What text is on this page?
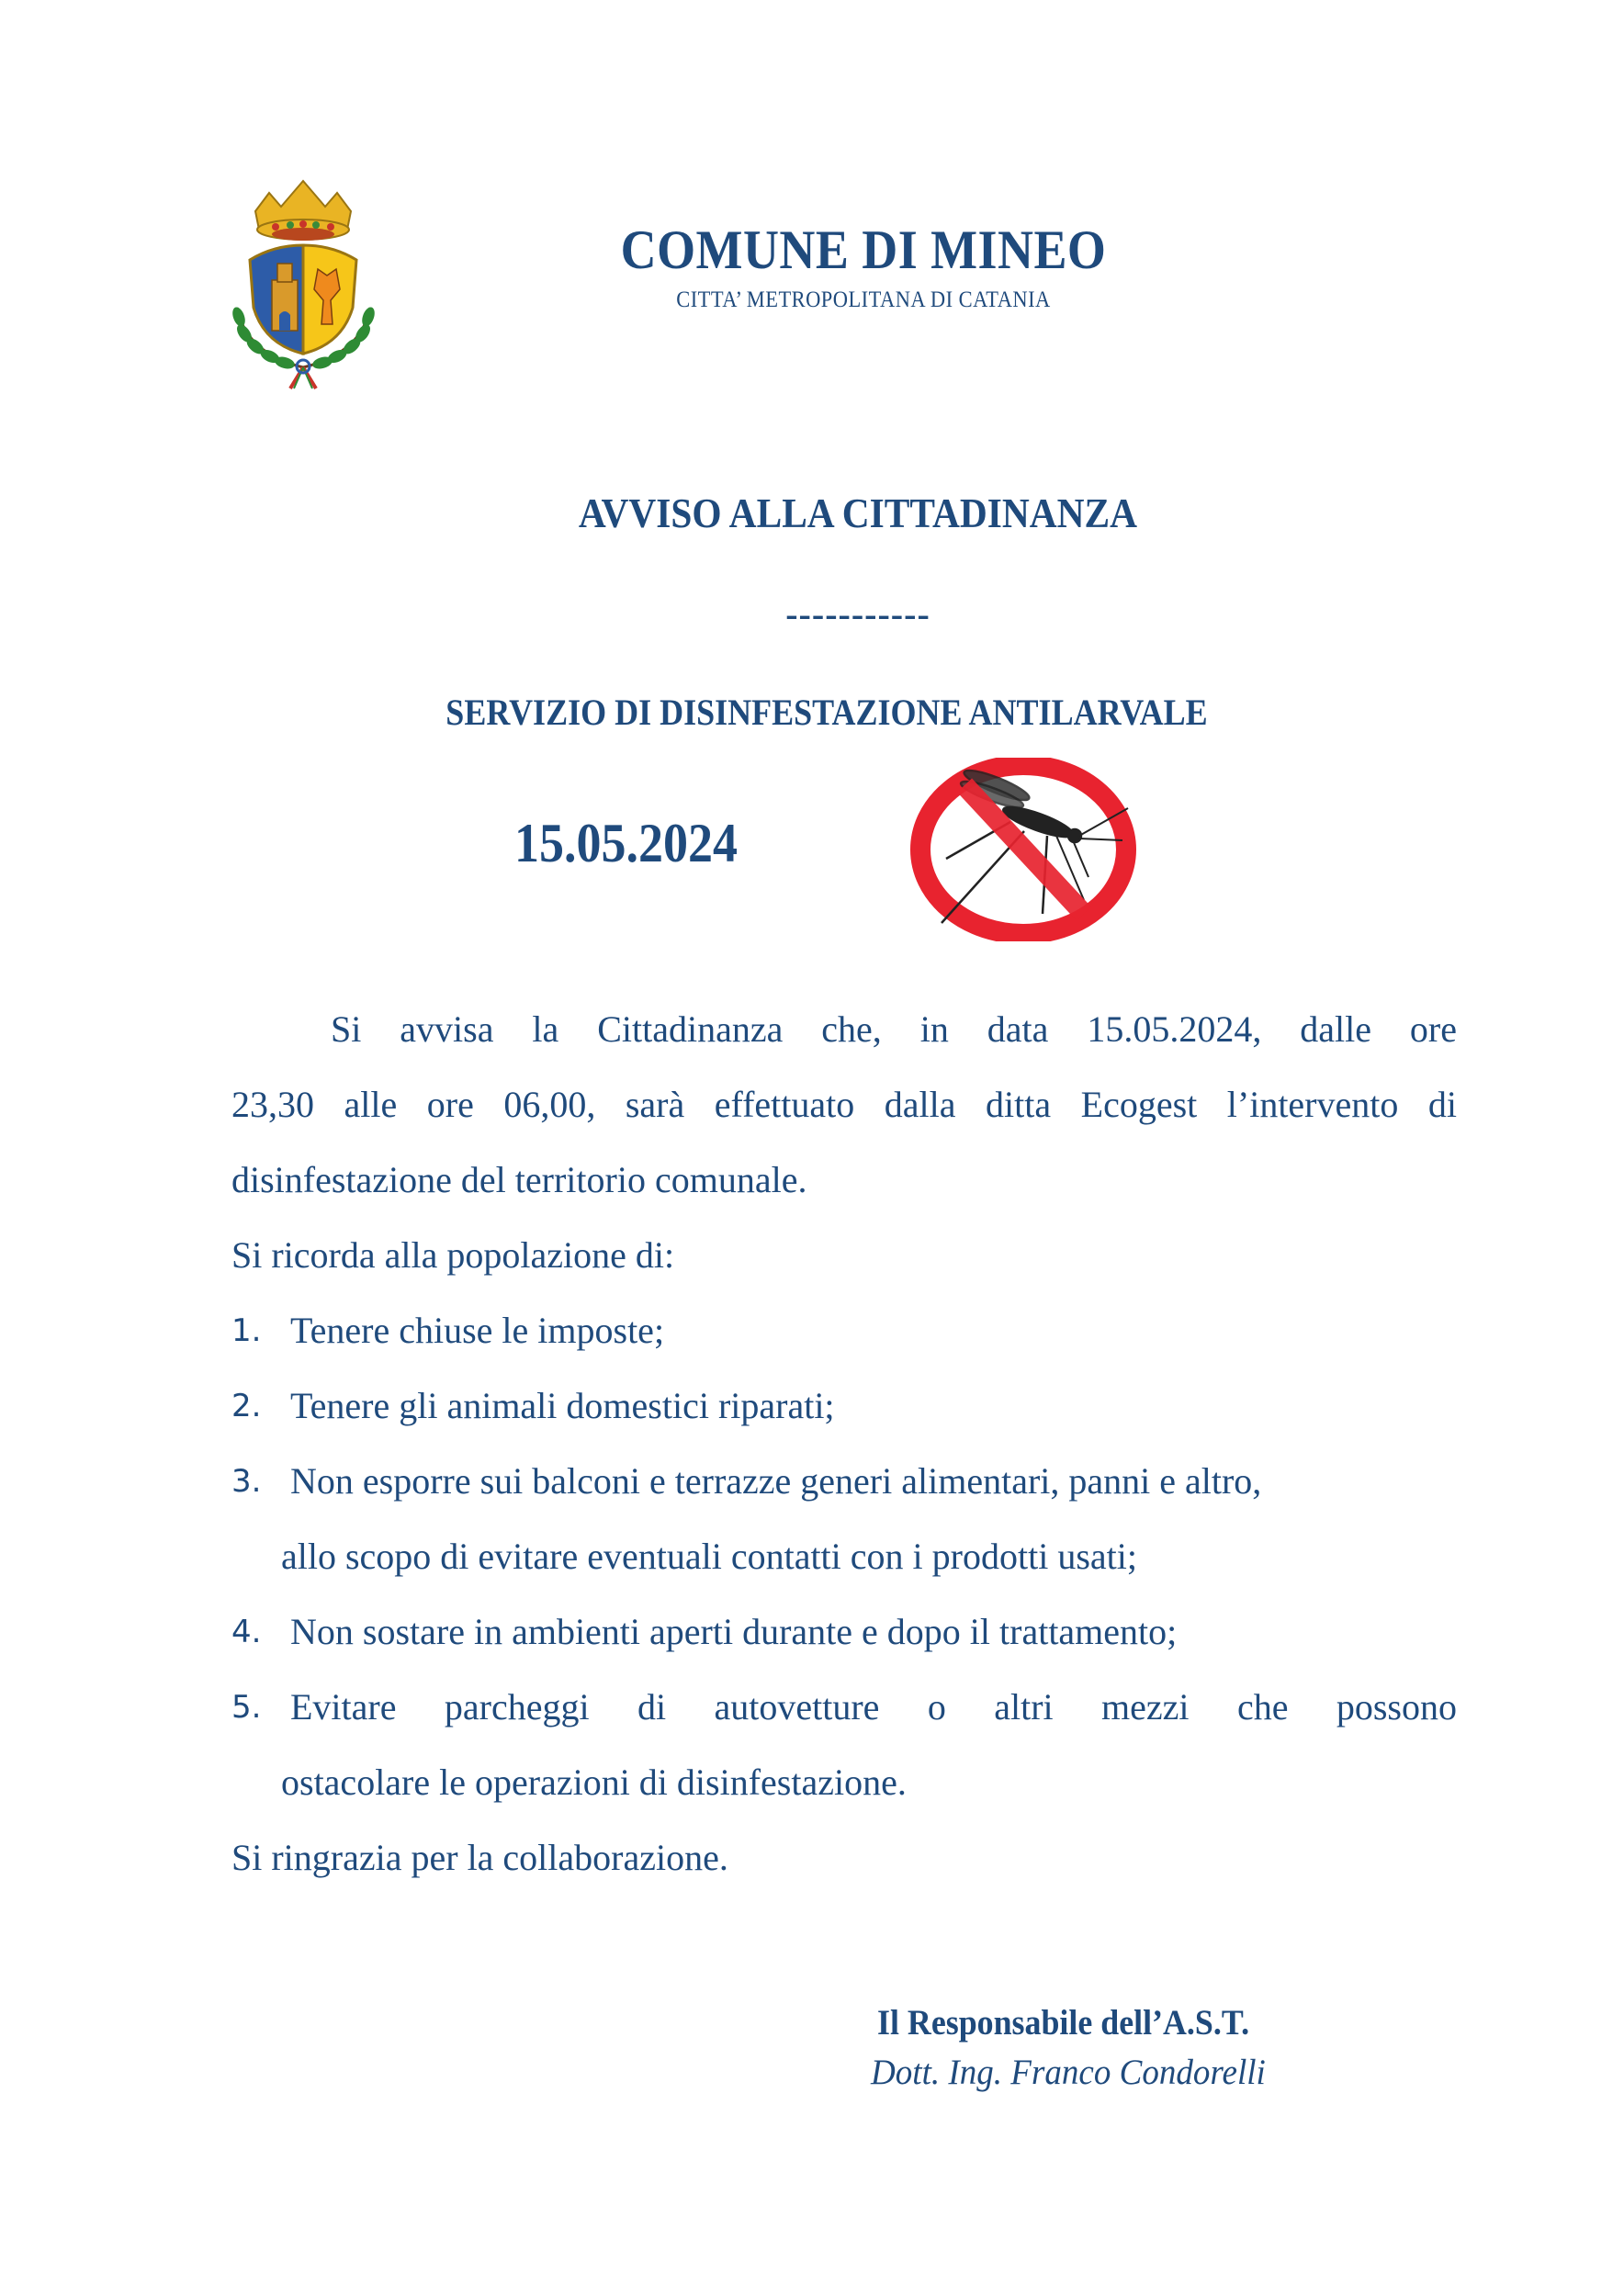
COMUNE DI MINEO
CITTA’ METROPOLITANA DI CATANIA
AVVISO ALLA CITTADINANZA
-----------
SERVIZIO DI DISINFESTAZIONE ANTILARVALE
15.05.2024

Si avvisa la Cittadinanza che, in data 15.05.2024, dalle ore

23,30 alle ore 06,00, sarà effettuato dalla ditta Ecogest l’intervento di disinfestazione del territorio comunale.

Si ricorda alla popolazione di:

1. Tenere chiuse le imposte;
2. Tenere gli animali domestici riparati;
3. Non esporre sui balconi e terrazze generi alimentari, panni e altro,
allo scopo di evitare eventuali contatti con i prodotti usati;
4. Non sostare in ambienti aperti durante e dopo il trattamento;
5. Evitare parcheggi di autovetture o altri mezzi che possono
ostacolare le operazioni di disinfestazione.

Si ringrazia per la collaborazione.

Il Responsabile dell’A.S.T.
Dott. Ing. Franco Condorelli
